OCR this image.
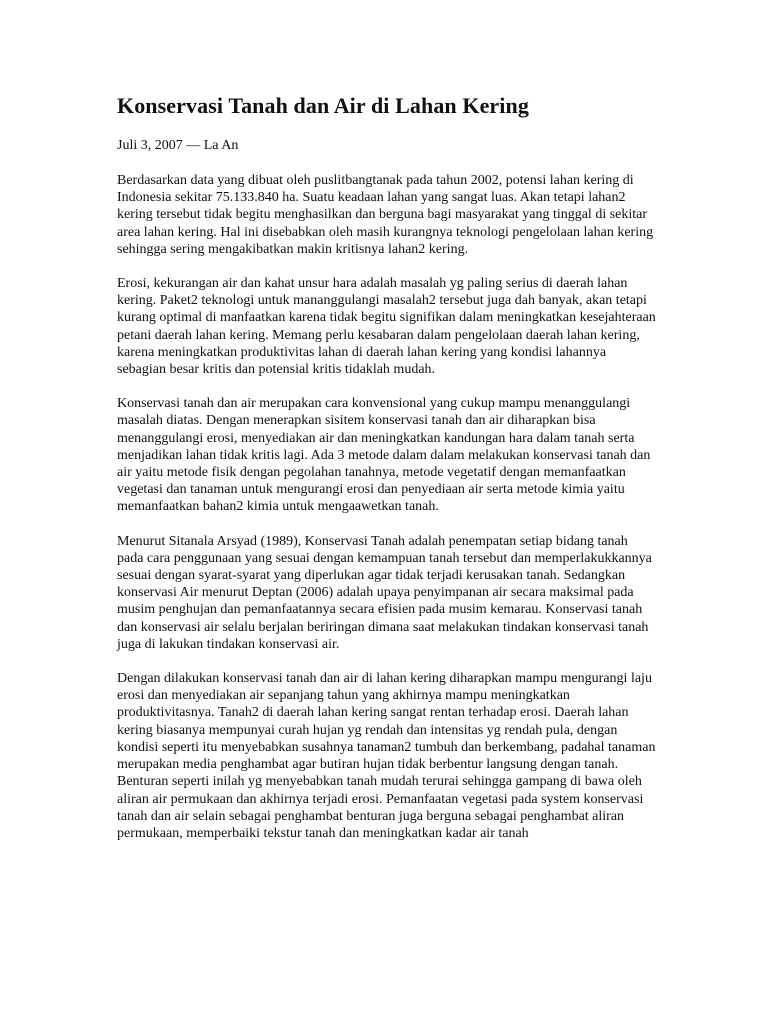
Konservasi Tanah dan Air di Lahan Kering
Juli 3, 2007 — La An

Berdasarkan data yang dibuat oleh puslitbangtanak pada tahun 2002, potensi lahan kering di Indonesia sekitar 75.133.840 ha. Suatu keadaan lahan yang sangat luas. Akan tetapi lahan2 kering tersebut tidak begitu menghasilkan dan berguna bagi masyarakat yang tinggal di sekitar area lahan kering. Hal ini disebabkan oleh masih kurangnya teknologi pengelolaan lahan kering sehingga sering mengakibatkan makin kritisnya lahan2 kering.

Erosi, kekurangan air dan kahat unsur hara adalah masalah yg paling serius di daerah lahan kering. Paket2 teknologi untuk mananggulangi masalah2 tersebut juga dah banyak, akan tetapi kurang optimal di manfaatkan karena tidak begitu signifikan dalam meningkatkan kesejahteraan petani daerah lahan kering. Memang perlu kesabaran dalam pengelolaan daerah lahan kering, karena meningkatkan produktivitas lahan di daerah lahan kering yang kondisi lahannya sebagian besar kritis dan potensial kritis tidaklah mudah.

Konservasi tanah dan air merupakan cara konvensional yang cukup mampu menanggulangi masalah diatas. Dengan menerapkan sisitem konservasi tanah dan air diharapkan bisa menanggulangi erosi, menyediakan air dan meningkatkan kandungan hara dalam tanah serta menjadikan lahan tidak kritis lagi. Ada 3 metode dalam dalam melakukan konservasi tanah dan air yaitu metode fisik dengan pegolahan tanahnya, metode vegetatif dengan memanfaatkan vegetasi dan tanaman untuk mengurangi erosi dan penyediaan air serta metode kimia yaitu memanfaatkan bahan2 kimia untuk mengaawetkan tanah.

Menurut Sitanala Arsyad (1989), Konservasi Tanah adalah penempatan setiap bidang tanah pada cara penggunaan yang sesuai dengan kemampuan tanah tersebut dan memperlakukkannya sesuai dengan syarat-syarat yang diperlukan agar tidak terjadi kerusakan tanah. Sedangkan konservasi Air menurut Deptan (2006) adalah upaya penyimpanan air secara maksimal pada musim penghujan dan pemanfaatannya secara efisien pada musim kemarau. Konservasi tanah dan konservasi air selalu berjalan beriringan dimana saat melakukan tindakan konservasi tanah juga di lakukan tindakan konservasi air.

Dengan dilakukan konservasi tanah dan air di lahan kering diharapkan mampu mengurangi laju erosi dan menyediakan air sepanjang tahun yang akhirnya mampu meningkatkan produktivitasnya. Tanah2 di daerah lahan kering sangat rentan terhadap erosi. Daerah lahan kering biasanya mempunyai curah hujan yg rendah dan intensitas yg rendah pula, dengan kondisi seperti itu menyebabkan susahnya tanaman2 tumbuh dan berkembang, padahal tanaman merupakan media penghambat agar butiran hujan tidak berbentur langsung dengan tanah. Benturan seperti inilah yg menyebabkan tanah mudah terurai sehingga gampang di bawa oleh aliran air permukaan dan akhirnya terjadi erosi. Pemanfaatan vegetasi pada system konservasi tanah dan air selain sebagai penghambat benturan juga berguna sebagai penghambat aliran permukaan, memperbaiki tekstur tanah dan meningkatkan kadar air tanah
